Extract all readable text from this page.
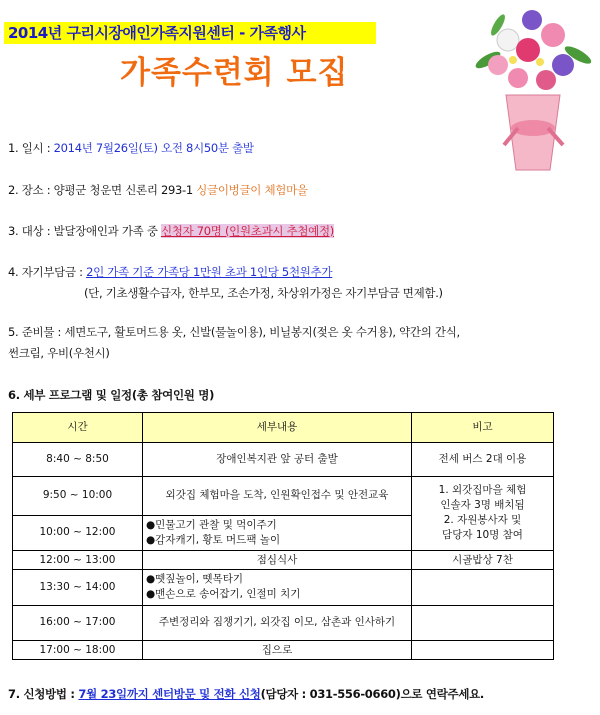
2014년 구리시장애인가족지원센터 - 가족행사
가족수련회 모집
1. 일시 : 2014년 7월26일(토) 오전 8시50분 출발
2. 장소 : 양평군 청운면 신론리 293-1 싱글이벙글이 체험마을
3. 대상 : 발달장애인과 가족 중 신청자 70명 (인원초과시 추첨예정)
4. 자기부담금 : 2인 가족 기준 가족당 1만원 초과 1인당 5천원추가
(단, 기초생활수급자, 한부모, 조손가정, 차상위가정은 자기부담금 면제함.)
5. 준비물 : 세면도구, 활토머드용 옷, 신발(물놀이용), 비닐봉지(젖은 옷 수거용), 약간의 간식,
썬크림, 우비(우천시)
6. 세부 프로그램 및 일정(총 참여인원 명)
시간	세부내용	비고
8:40 ~ 8:50	장애인복지관 앞 공터 출발	전세 버스 2대 이용
9:50 ~ 10:00	외갓집 체험마을 도착, 인원확인접수 및 안전교육	1. 외갓집마을 체험
인솔자 3명 배치됨
2. 자원봉사자 및
담당자 10명 참여

10:00 ~ 12:00	●민물고기 관찰 및 먹이주기
●감자캐기, 황토 머드팩 놀이	

12:00 ~ 13:00	점심식사	시골밥상 7찬
13:30 ~ 14:00	●뗏짚놀이, 뗏목타기
●맨손으로 송어잡기, 인절미 치기	

16:00 ~ 17:00	주변정리와 짐챙기기, 외갓집 이모, 삼촌과 인사하기	
17:00 ~ 18:00	집으로	
7. 신청방법 : 7월 23일까지 센터방문 및 전화 신청(담당자 : 031-556-0660)으로 연락주세요.
